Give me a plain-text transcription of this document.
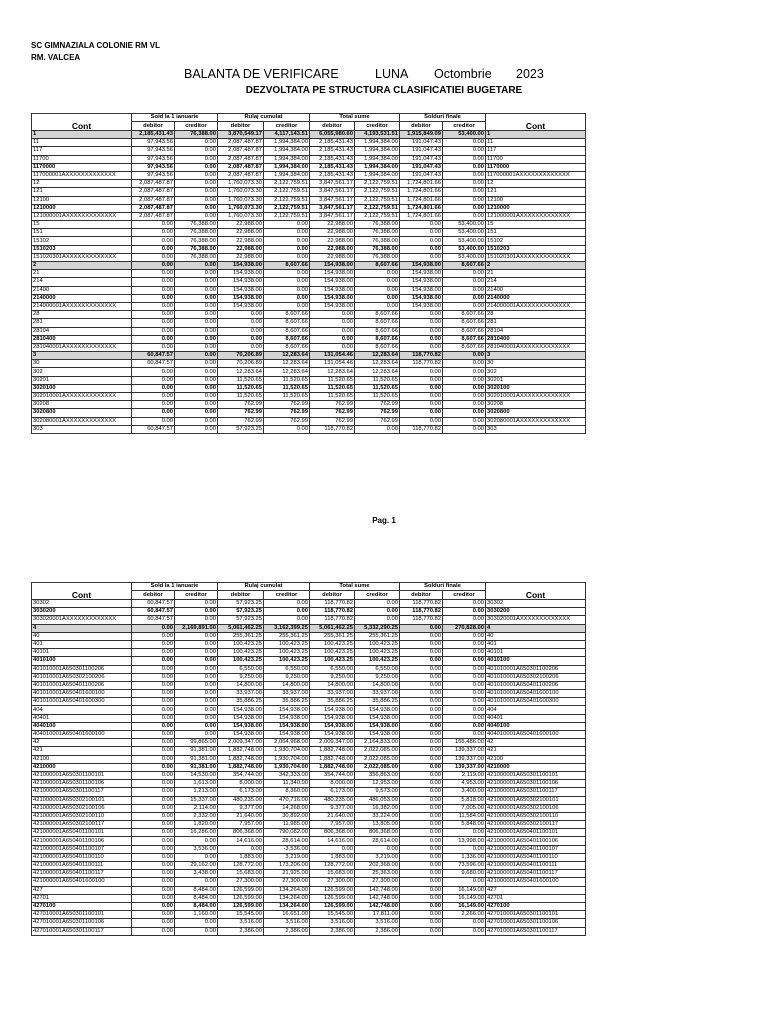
SC GIMNAZIALA COLONIE RM VL
RM. VALCEA
BALANTA DE VERIFICARE	LUNA Octombrie 2023
DEZVOLTATA PE STRUCTURA CLASIFICATIEI BUGETARE
Cont	Sold la 1 ianuarie		Rulaj cumulat		Total sume		Solduri finale		Cont
	debitor	creditor	debitor	creditor	debitor	creditor	debitor	creditor	
1	2,185,431.43	76,388.00	3,870,549.17	4,117,143.51	6,055,980.60	4,193,531.51	1,915,849.09	53,400.00	1
11	97,943.56	0.00	2,087,487.87	1,994,384.00	2,185,431.43	1,994,384.00	191,047.43	0.00	11
117	97,943.56	0.00	2,087,487.87	1,994,384.00	2,185,431.43	1,994,384.00	191,047.43	0.00	117
11700	97,943.56	0.00	2,087,487.87	1,994,384.00	2,185,431.43	1,994,384.00	191,047.43	0.00	11700
1170000	97,943.56	0.00	2,087,487.87	1,994,384.00	2,185,431.43	1,994,384.00	191,047.43	0.00	1170000
117000001AXXXXXXXXXXXXX	97,943.56	0.00	2,087,487.87	1,994,384.00	2,185,431.43	1,994,384.00	191,047.43	0.00	117000001AXXXXXXXXXXXXX
12	2,087,487.87	0.00	1,760,073.30	2,122,759.51	3,847,561.17	2,122,759.51	1,724,801.66	0.00	12
121	2,087,487.87	0.00	1,760,073.30	2,122,759.51	3,847,561.17	2,122,759.51	1,724,801.66	0.00	121
12100	2,087,487.87	0.00	1,760,073.30	2,122,759.51	3,847,561.17	2,122,759.51	1,724,801.66	0.00	12100
1210000	2,087,487.87	0.00	1,760,073.30	2,122,759.51	3,847,561.17	2,122,759.51	1,724,801.66	0.00	1210000
121000001AXXXXXXXXXXXXX	2,087,487.87	0.00	1,760,073.30	2,122,759.51	3,847,561.17	2,122,759.51	1,724,801.66	0.00	121000001AXXXXXXXXXXXXX
15	0.00	76,388.00	22,988.00	0.00	22,988.00	76,388.00	0.00	53,400.00	15
151	0.00	76,388.00	22,988.00	0.00	22,988.00	76,388.00	0.00	53,400.00	151
15102	0.00	76,388.00	22,988.00	0.00	22,988.00	76,388.00	0.00	53,400.00	15102
1510203	0.00	76,388.00	22,988.00	0.00	22,988.00	76,388.00	0.00	53,400.00	1510203
151020301AXXXXXXXXXXXXX	0.00	76,388.00	22,988.00	0.00	22,988.00	76,388.00	0.00	53,400.00	151020301AXXXXXXXXXXXXX
2	0.00	0.00	154,938.00	8,607.66	154,938.00	8,607.66	154,938.00	8,607.66	2
21	0.00	0.00	154,938.00	0.00	154,938.00	0.00	154,938.00	0.00	21
214	0.00	0.00	154,938.00	0.00	154,938.00	0.00	154,938.00	0.00	214
21400	0.00	0.00	154,938.00	0.00	154,938.00	0.00	154,938.00	0.00	21400
2140000	0.00	0.00	154,938.00	0.00	154,938.00	0.00	154,938.00	0.00	2140000
214000001AXXXXXXXXXXXXX	0.00	0.00	154,938.00	0.00	154,938.00	0.00	154,938.00	0.00	214000001AXXXXXXXXXXXXX
28	0.00	0.00	0.00	8,607.66	0.00	8,607.66	0.00	8,607.66	28
281	0.00	0.00	0.00	8,607.66	0.00	8,607.66	0.00	8,607.66	281
28104	0.00	0.00	0.00	8,607.66	0.00	8,607.66	0.00	8,607.66	28104
2810400	0.00	0.00	0.00	8,607.66	0.00	8,607.66	0.00	8,607.66	2810400
281040001AXXXXXXXXXXXXX	0.00	0.00	0.00	8,607.66	0.00	8,607.66	0.00	8,607.66	281040001AXXXXXXXXXXXXX
3	60,847.57	0.00	70,206.89	12,283.64	131,054.46	12,283.64	118,770.82	0.00	3
30	60,847.57	0.00	70,206.89	12,283.64	131,054.46	12,283.64	118,770.82	0.00	30
302	0.00	0.00	12,283.64	12,283.64	12,283.64	12,283.64	0.00	0.00	302
30201	0.00	0.00	11,520.65	11,520.65	11,520.65	11,520.65	0.00	0.00	30201
3020100	0.00	0.00	11,520.65	11,520.65	11,520.65	11,520.65	0.00	0.00	3020100
302010001AXXXXXXXXXXXXX	0.00	0.00	11,520.65	11,520.65	11,520.65	11,520.65	0.00	0.00	302010001AXXXXXXXXXXXXX
30208	0.00	0.00	762.99	762.99	762.99	762.99	0.00	0.00	30208
3020800	0.00	0.00	762.99	762.99	762.99	762.99	0.00	0.00	3020800
302080001AXXXXXXXXXXXXX	0.00	0.00	762.99	762.99	762.99	762.99	0.00	0.00	302080001AXXXXXXXXXXXXX
303	60,847.57	0.00	57,923.25	0.00	118,770.82	0.00	118,770.82	0.00	303
Pag. 1
Cont	Sold la 1 ianuarie		Rulaj cumulat		Total sume		Solduri finale		Cont
	debitor	creditor	debitor	creditor	debitor	creditor	debitor	creditor	
30302	60,847.57	0.00	57,923.25	0.00	118,770.82	0.00	118,770.82	0.00	30302
3030200	60,847.57	0.00	57,923.25	0.00	118,770.82	0.00	118,770.82	0.00	3030200
303020001AXXXXXXXXXXXXX	60,847.57	0.00	57,923.25	0.00	118,770.82	0.00	118,770.82	0.00	303020001AXXXXXXXXXXXXX
4	0.00	2,169,891.00	5,061,462.25	3,162,399.25	5,061,462.25	5,332,290.25	0.00	270,828.00	4
40	0.00	0.00	255,361.25	255,361.25	255,361.25	255,361.25	0.00	0.00	40
401	0.00	0.00	100,423.25	100,423.25	100,423.25	100,423.25	0.00	0.00	401
40101	0.00	0.00	100,423.25	100,423.25	100,423.25	100,423.25	0.00	0.00	40101
4010100	0.00	0.00	100,423.25	100,423.25	100,423.25	100,423.25	0.00	0.00	4010100
401010001A650301100206	0.00	0.00	6,550.00	6,550.00	6,550.00	6,550.00	0.00	0.00	401010001A650301100206
401010001A650302100206	0.00	0.00	9,250.00	9,250.00	9,250.00	9,250.00	0.00	0.00	401010001A650302100206
401010001A650401100206	0.00	0.00	14,800.00	14,800.00	14,800.00	14,800.00	0.00	0.00	401010001A650401100206
401010001A650401600100	0.00	0.00	33,937.00	33,937.00	33,937.00	33,937.00	0.00	0.00	401010001A650401600100
401010001A650401600300	0.00	0.00	35,886.25	35,886.25	35,886.25	35,886.25	0.00	0.00	401010001A650401600300
404	0.00	0.00	154,938.00	154,938.00	154,938.00	154,938.00	0.00	0.00	404
40401	0.00	0.00	154,938.00	154,938.00	154,938.00	154,938.00	0.00	0.00	40401
4040100	0.00	0.00	154,938.00	154,938.00	154,938.00	154,938.00	0.00	0.00	4040100
404010001A650401600100	0.00	0.00	154,938.00	154,938.00	154,938.00	154,938.00	0.00	0.00	404010001A650401600100
42	0.00	99,865.00	2,009,347.00	2,064,968.00	2,009,347.00	2,164,833.00	0.00	155,486.00	42
421	0.00	91,381.00	1,882,748.00	1,930,704.00	1,882,748.00	2,022,085.00	0.00	139,337.00	421
42100	0.00	91,381.00	1,882,748.00	1,930,704.00	1,882,748.00	2,022,085.00	0.00	139,337.00	42100
4210000	0.00	91,381.00	1,882,748.00	1,930,704.00	1,882,748.00	2,022,085.00	0.00	139,337.00	4210000
421000001A650301100101	0.00	14,530.00	354,744.00	342,333.00	354,744.00	356,863.00	0.00	2,119.00	421000001A650301100101
421000001A650301100106	0.00	1,613.00	8,000.00	11,340.00	8,000.00	12,953.00	0.00	4,953.00	421000001A650301100106
421000001A650301100117	0.00	1,213.00	6,173.00	8,360.00	6,173.00	9,573.00	0.00	3,400.00	421000001A650301100117
421000001A650302100101	0.00	15,337.00	480,235.00	470,716.00	480,235.00	486,053.00	0.00	5,818.00	421000001A650302100101
421000001A650302100106	0.00	2,114.00	9,377.00	14,268.00	9,377.00	16,382.00	0.00	7,005.00	421000001A650302100106
421000001A650302100110	0.00	2,332.00	21,640.00	30,892.00	21,640.00	33,224.00	0.00	11,584.00	421000001A650302100110
421000001A650302100117	0.00	1,820.00	7,957.00	11,985.00	7,957.00	13,805.00	0.00	5,848.00	421000001A650302100117
421000001A650401100101	0.00	16,286.00	806,368.00	790,082.00	806,368.00	806,368.00	0.00	0.00	421000001A650401100101
421000001A650401100106	0.00	0.00	14,616.00	28,614.00	14,616.00	28,614.00	0.00	13,998.00	421000001A650401100106
421000001A650401100107	0.00	3,536.00	0.00	-3,536.00	0.00	0.00	0.00	0.00	421000001A650401100107
421000001A650401100110	0.00	0.00	1,883.00	3,219.00	1,883.00	3,219.00	0.00	1,336.00	421000001A650401100110
421000001A650401100111	0.00	29,162.00	128,772.00	173,206.00	128,772.00	202,368.00	0.00	73,596.00	421000001A650401100111
421000001A650401100117	0.00	3,438.00	15,683.00	21,925.00	15,683.00	25,363.00	0.00	9,680.00	421000001A650401100117
421000001A650401600100	0.00	0.00	27,300.00	27,300.00	27,300.00	27,300.00	0.00	0.00	421000001A650401600100
427	0.00	8,484.00	126,599.00	134,264.00	126,599.00	142,748.00	0.00	16,149.00	427
42701	0.00	8,484.00	126,599.00	134,264.00	126,599.00	142,748.00	0.00	16,149.00	42701
4270100	0.00	8,484.00	126,599.00	134,264.00	126,599.00	142,748.00	0.00	16,149.00	4270100
427010001A650301100101	0.00	1,160.00	15,545.00	16,651.00	15,545.00	17,811.00	0.00	2,266.00	427010001A650301100101
427010001A650301100106	0.00	0.00	3,516.00	3,516.00	3,516.00	3,516.00	0.00	0.00	427010001A650301100106
427010001A650301100117	0.00	0.00	2,386.00	2,386.00	2,386.00	2,386.00	0.00	0.00	427010001A650301100117
